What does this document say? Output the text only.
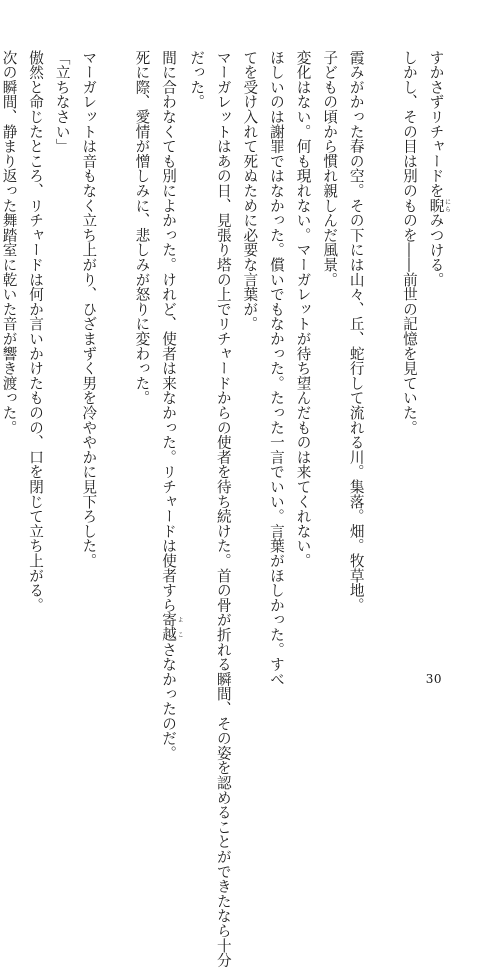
すかさずリチャードを睨 にらみつける。
しかし、その目は別のものを――前世の記憶を見ていた。

霞みがかった春の空。その下には山々、丘、蛇行して流れる川。集落。畑。牧草地。
子どもの頃から慣れ親しんだ風景。
変化はない。何も現れない。マーガレットが待ち望んだものは来てくれない。
ほしいのは謝罪ではなかった。償いでもなかった。たった一言でいい。言葉がほしかった。すべ
てを受け入れて死ぬために必要な言葉が。
マーガレットはあの日、見張り塔の上でリチャードからの使者を待ち続けた。首の骨が折れる瞬間、その姿を認めることができたなら十分
だった。
間に合わなくても別によかった。けれど、使者は来なかった。リチャードは使者すら寄越 よこさなかったのだ。
死に際、愛情が憎しみに、悲しみが怒りに変わった。

マーガレットは音もなく立ち上がり、ひざまずく男を冷ややかに見下ろした。
「立ちなさい」
傲然と命じたところ、リチャードは何か言いかけたものの、口を閉じて立ち上がる。
次の瞬間、静まり返った舞踏室に乾いた音が響き渡った。
30
